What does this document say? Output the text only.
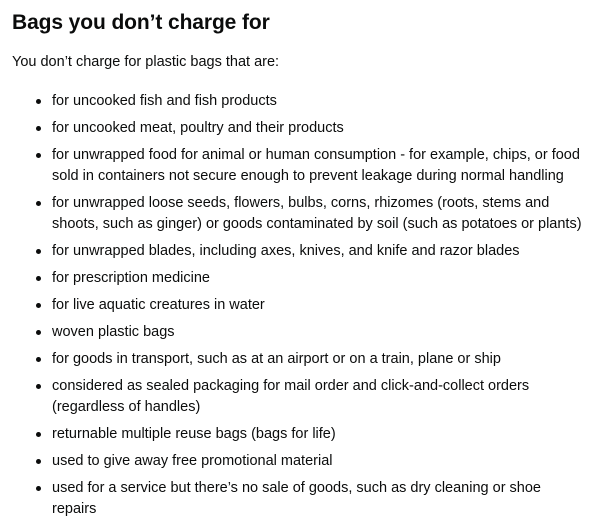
Bags you don’t charge for

You don’t charge for plastic bags that are:

for uncooked fish and fish products
for uncooked meat, poultry and their products
for unwrapped food for animal or human consumption - for example, chips, or food sold in containers not secure enough to prevent leakage during normal handling
for unwrapped loose seeds, flowers, bulbs, corns, rhizomes (roots, stems and shoots, such as ginger) or goods contaminated by soil (such as potatoes or plants)
for unwrapped blades, including axes, knives, and knife and razor blades
for prescription medicine
for live aquatic creatures in water
woven plastic bags
for goods in transport, such as at an airport or on a train, plane or ship
considered as sealed packaging for mail order and click-and-collect orders (regardless of handles)
returnable multiple reuse bags (bags for life)
used to give away free promotional material
used for a service but there’s no sale of goods, such as dry cleaning or shoe repairs
